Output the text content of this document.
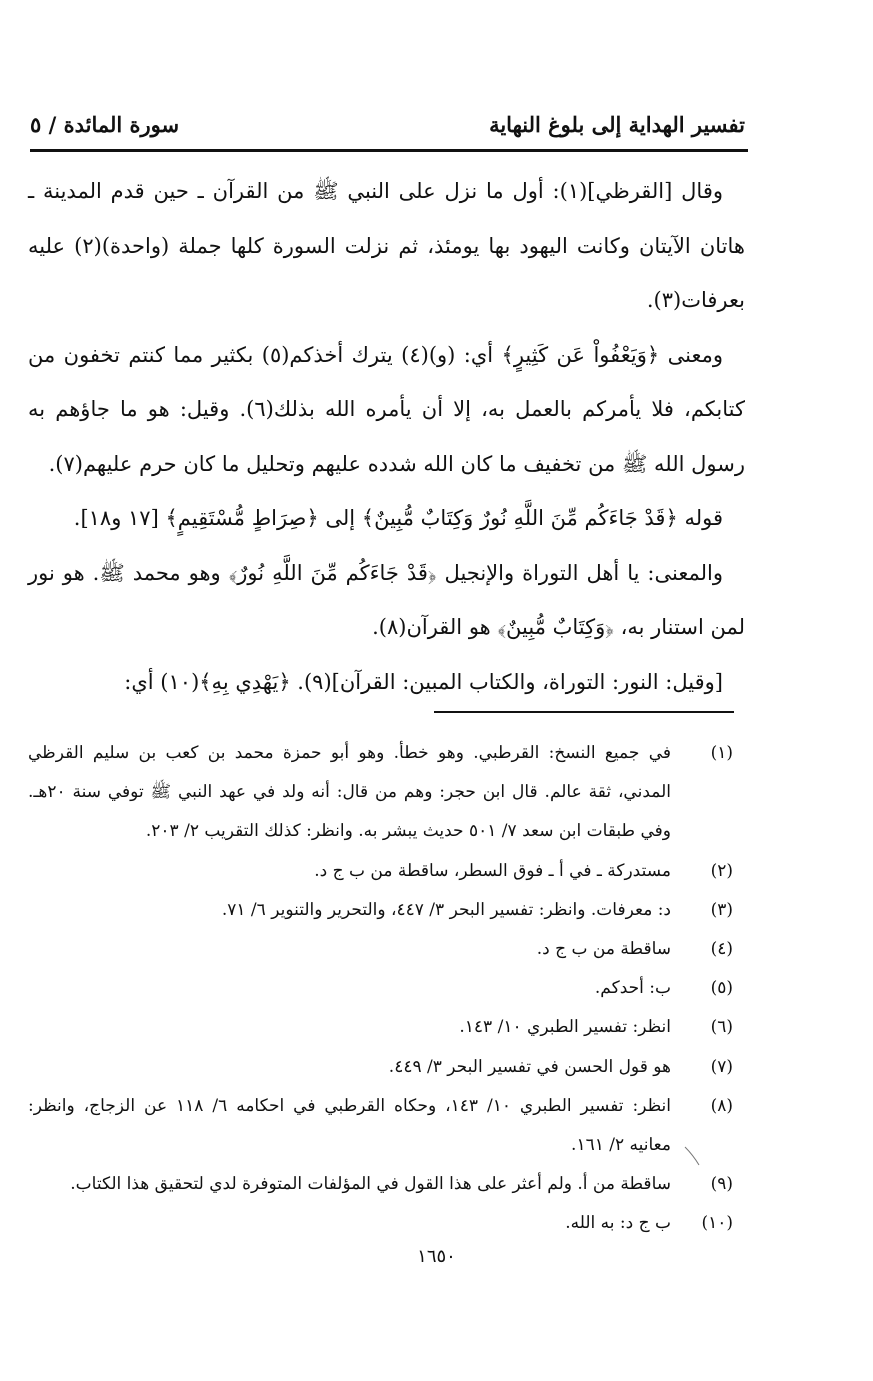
تفسير الهداية إلى بلوغ النهاية
سورة المائدة / ٥

وقال [القرظي](١): أول ما نزل على النبي ﷺ من القرآن ـ حين قدم المدينة ـ هاتان الآيتان وكانت اليهود بها يومئذ، ثم نزلت السورة كلها جملة (واحدة)(٢) عليه بعرفات(٣).

ومعنى ﴿وَيَعْفُواْ عَن كَثِيرٍ﴾ أي: (و)(٤) يترك أخذكم(٥) بكثير مما كنتم تخفون من كتابكم، فلا يأمركم بالعمل به، إلا أن يأمره الله بذلك(٦). وقيل: هو ما جاؤهم به رسول الله ﷺ من تخفيف ما كان الله شدده عليهم وتحليل ما كان حرم عليهم(٧).

قوله ﴿قَدْ جَاءَكُم مِّنَ اللَّهِ نُورٌ وَكِتَابٌ مُّبِينٌ﴾ إلى ﴿صِرَاطٍ مُّسْتَقِيمٍ﴾ [١٧ و١٨].

والمعنى: يا أهل التوراة والإنجيل ﴿قَدْ جَاءَكُم مِّنَ اللَّهِ نُورٌ﴾ وهو محمد ﷺ. هو نور لمن استنار به، ﴿وَكِتَابٌ مُّبِينٌ﴾ هو القرآن(٨).

[وقيل: النور: التوراة، والكتاب المبين: القرآن](٩). ﴿يَهْدِي بِهِ﴾(١٠) أي:

(١)
في جميع النسخ: القرطبي. وهو خطأ. وهو أبو حمزة محمد بن كعب بن سليم القرظي المدني، ثقة عالم. قال ابن حجر: وهم من قال: أنه ولد في عهد النبي ﷺ توفي سنة ٢٠هـ. وفي طبقات ابن سعد ٧/ ٥٠١ حديث يبشر به. وانظر: كذلك التقريب ٢/ ٢٠٣.
(٢)
مستدركة ـ في أ ـ فوق السطر، ساقطة من ب ج د.
(٣)
د: معرفات. وانظر: تفسير البحر ٣/ ٤٤٧، والتحرير والتنوير ٦/ ٧١.
(٤)
ساقطة من ب ج د.
(٥)
ب: أحدكم.
(٦)
انظر: تفسير الطبري ١٠/ ١٤٣.
(٧)
هو قول الحسن في تفسير البحر ٣/ ٤٤٩.
(٨)
انظر: تفسير الطبري ١٠/ ١٤٣، وحكاه القرطبي في احكامه ٦/ ١١٨ عن الزجاج، وانظر: معانيه ٢/ ١٦١.
(٩)
ساقطة من أ. ولم أعثر على هذا القول في المؤلفات المتوفرة لدي لتحقيق هذا الكتاب.
(١٠)
ب ج د: به الله.
١٦٥٠
